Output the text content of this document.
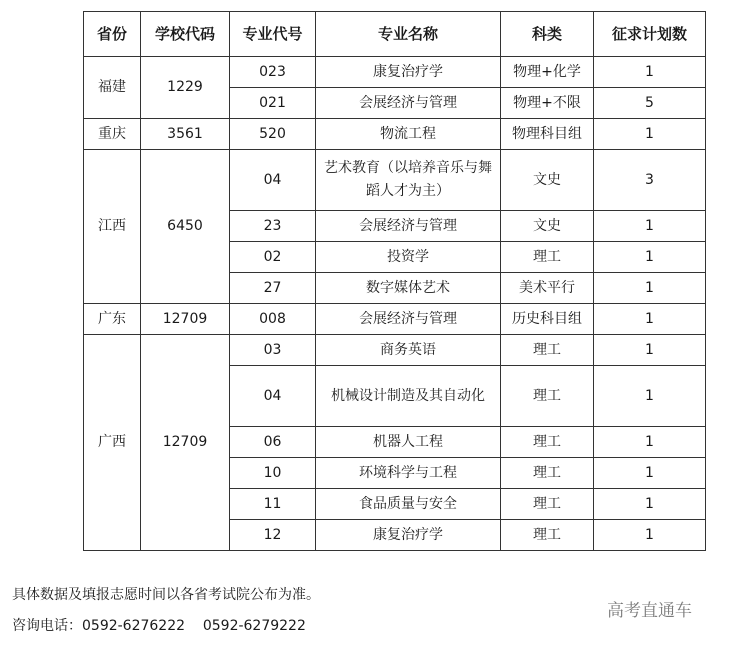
省份	学校代码	专业代号	专业名称	科类	征求计划数
福建	1229	023	康复治疗学	物理+化学	1
		021	会展经济与管理	物理+不限	5
重庆	3561	520	物流工程	物理科目组	1
江西	6450	04	艺术教育（以培养音乐与舞蹈人才为主）	文史	3
		23	会展经济与管理	文史	1
		02	投资学	理工	1
		27	数字媒体艺术	美术平行	1
广东	12709	008	会展经济与管理	历史科目组	1
广西	12709	03	商务英语	理工	1
		04	机械设计制造及其自动化	理工	1
		06	机器人工程	理工	1
		10	环境科学与工程	理工	1
		11	食品质量与安全	理工	1
		12	康复治疗学	理工	1
具体数据及填报志愿时间以各省考试院公布为准。
咨询电话：0592-6276222 0592-6279222
高考直通车
